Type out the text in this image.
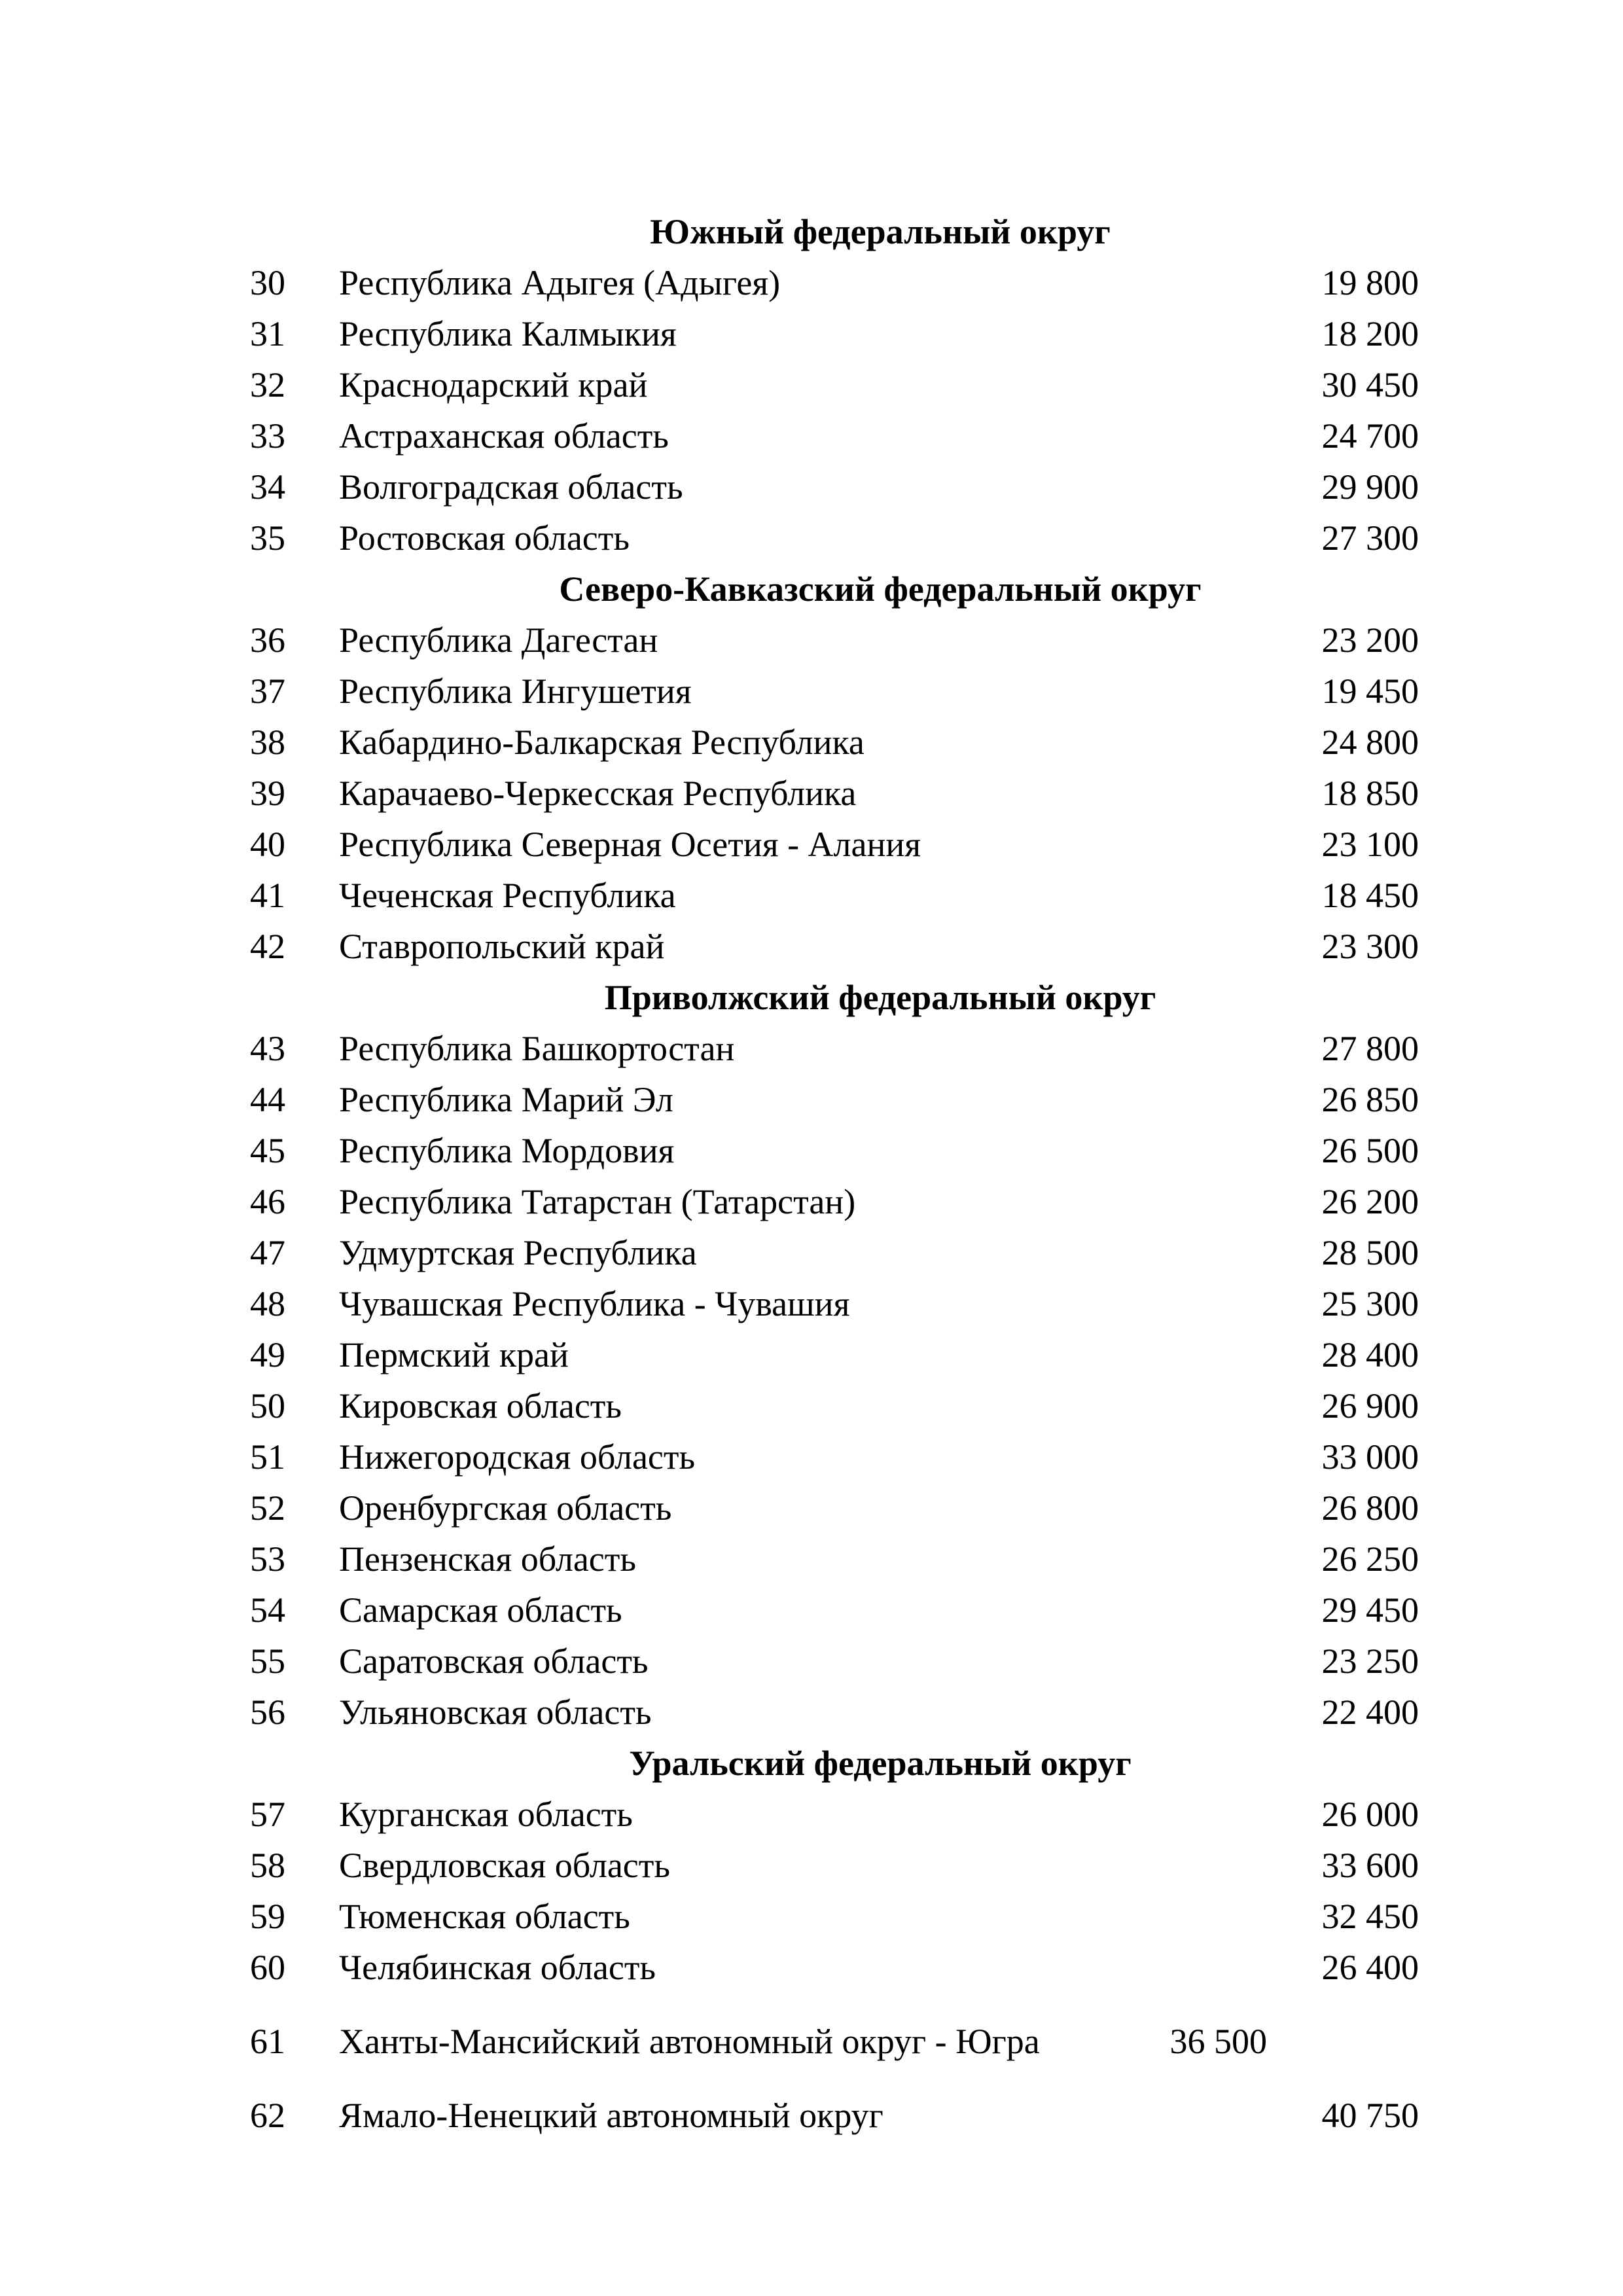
Южный федеральный округ
30	Республика Адыгея (Адыгея)	19 800
31	Республика Калмыкия	18 200
32	Краснодарский край	30 450
33	Астраханская область	24 700
34	Волгоградская область	29 900
35	Ростовская область	27 300
Северо-Кавказский федеральный округ
36	Республика Дагестан	23 200
37	Республика Ингушетия	19 450
38	Кабардино-Балкарская Республика	24 800
39	Карачаево-Черкесская Республика	18 850
40	Республика Северная Осетия - Алания	23 100
41	Чеченская Республика	18 450
42	Ставропольский край	23 300
Приволжский федеральный округ
43	Республика Башкортостан	27 800
44	Республика Марий Эл	26 850
45	Республика Мордовия	26 500
46	Республика Татарстан (Татарстан)	26 200
47	Удмуртская Республика	28 500
48	Чувашская Республика - Чувашия	25 300
49	Пермский край	28 400
50	Кировская область	26 900
51	Нижегородская область	33 000
52	Оренбургская область	26 800
53	Пензенская область	26 250
54	Самарская область	29 450
55	Саратовская область	23 250
56	Ульяновская область	22 400
Уральский федеральный округ
57	Курганская область	26 000
58	Свердловская область	33 600
59	Тюменская область	32 450
60	Челябинская область	26 400
61	Ханты-Мансийский автономный округ - Югра	36 500
62	Ямало-Ненецкий автономный округ	40 750
